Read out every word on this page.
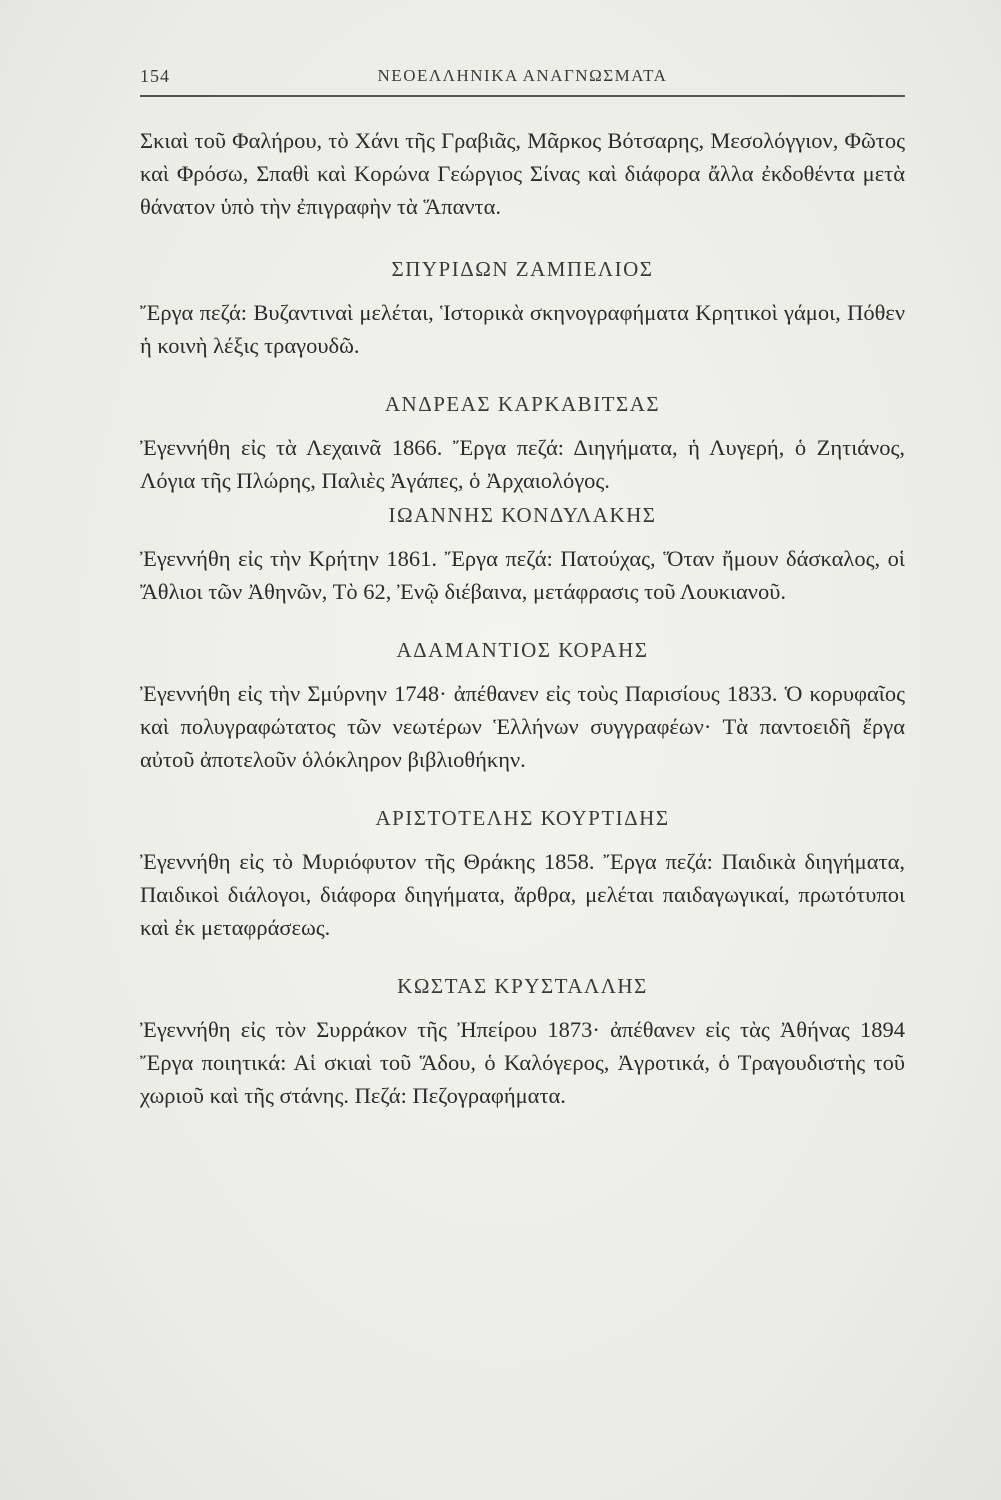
154	ΝΕΟΕΛΛΗΝΙΚΑ ΑΝΑΓΝΩΣΜΑΤΑ

Σκιαὶ τοῦ Φαλήρου, τὸ Χάνι τῆς Γραβιᾶς, Μᾶρκος Βότσαρης, Μεσολόγγιον, Φῶτος καὶ Φρόσω, Σπαθὶ καὶ Κορώνα Γεώργιος Σίνας καὶ διάφορα ἄλλα ἐκδοθέντα μετὰ θάνατον ὑπὸ τὴν ἐπιγραφὴν τὰ Ἅπαντα.

ΣΠΥΡΙΔΩΝ ΖΑΜΠΕΛΙΟΣ

Ἔργα πεζά: Βυζαντιναὶ μελέται, Ἱστορικὰ σκηνογραφήματα Κρητικοὶ γάμοι, Πόθεν ἡ κοινὴ λέξις τραγουδῶ.

ΑΝΔΡΕΑΣ ΚΑΡΚΑΒΙΤΣΑΣ

Ἐγεννήθη εἰς τὰ Λεχαινᾶ 1866. Ἔργα πεζά: Διηγήματα, ἡ Λυγερή, ὁ Ζητιάνος, Λόγια τῆς Πλώρης, Παλιὲς Ἀγάπες, ὁ Ἀρχαιολόγος.

ΙΩΑΝΝΗΣ ΚΟΝΔΥΛΑΚΗΣ

Ἐγεννήθη εἰς τὴν Κρήτην 1861. Ἔργα πεζά: Πατούχας, Ὅταν ἤμουν δάσκαλος, οἱ Ἄθλιοι τῶν Ἀθηνῶν, Τὸ 62, Ἐνῷ διέβαινα, μετάφρασις τοῦ Λουκιανοῦ.

ΑΔΑΜΑΝΤΙΟΣ ΚΟΡΑΗΣ

Ἐγεννήθη εἰς τὴν Σμύρνην 1748· ἀπέθανεν εἰς τοὺς Παρισίους 1833. Ὁ κορυφαῖος καὶ πολυγραφώτατος τῶν νεωτέρων Ἑλλήνων συγγραφέων· Τὰ παντοειδῆ ἔργα αὐτοῦ ἀποτελοῦν ὁλόκληρον βιβλιοθήκην.

ΑΡΙΣΤΟΤΕΛΗΣ ΚΟΥΡΤΙΔΗΣ

Ἐγεννήθη εἰς τὸ Μυριόφυτον τῆς Θράκης 1858. Ἔργα πεζά: Παιδικὰ διηγήματα, Παιδικοὶ διάλογοι, διάφορα διηγήματα, ἄρθρα, μελέται παιδαγωγικαί, πρωτότυποι καὶ ἐκ μεταφράσεως.

ΚΩΣΤΑΣ ΚΡΥΣΤΑΛΛΗΣ

Ἐγεννήθη εἰς τὸν Συρράκον τῆς Ἠπείρου 1873· ἀπέθανεν εἰς τὰς Ἀθήνας 1894 Ἔργα ποιητικά: Αἱ σκιαὶ τοῦ Ἅδου, ὁ Καλόγερος, Ἀγροτικά, ὁ Τραγουδιστὴς τοῦ χωριοῦ καὶ τῆς στάνης. Πεζά: Πεζογραφήματα.
